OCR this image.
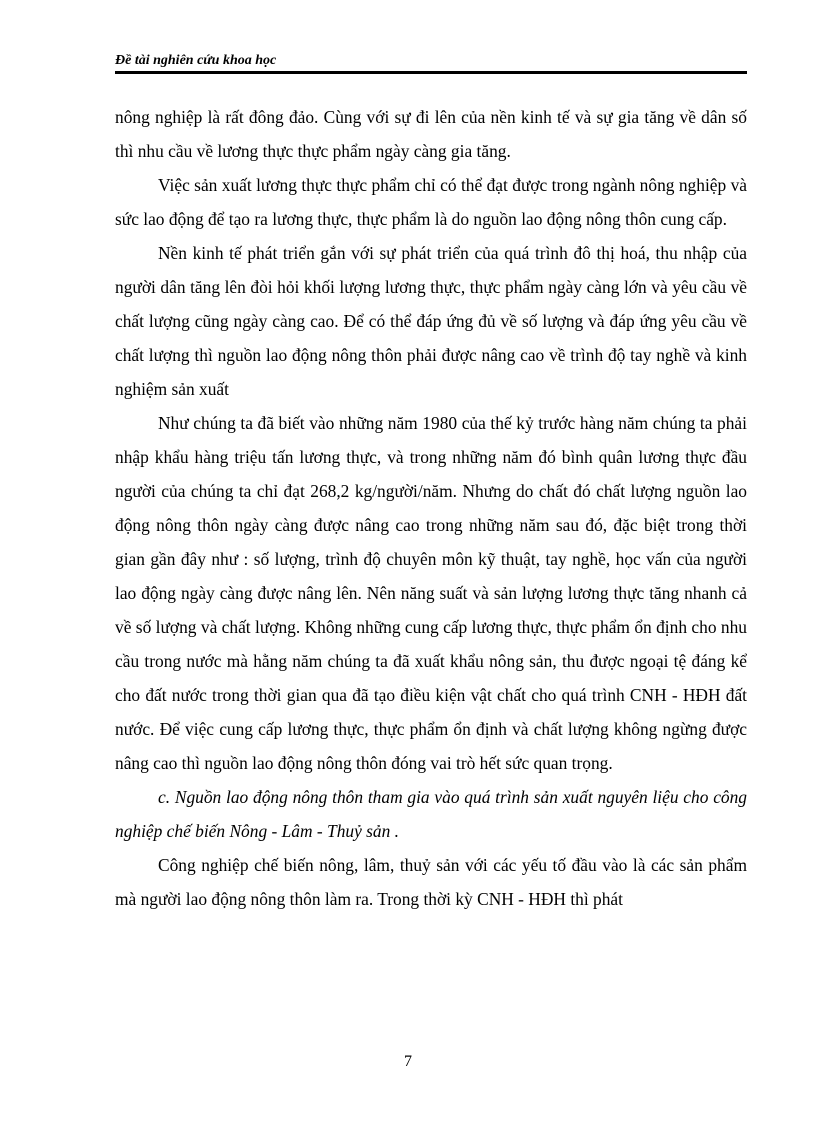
Đề tài nghiên cứu khoa học

nông nghiệp là rất đông đảo. Cùng với sự đi lên của nền kinh tế và sự gia tăng về dân số thì nhu cầu về lương thực thực phẩm ngày càng gia tăng.

Việc sản xuất lương thực thực phẩm chỉ có thể đạt được trong ngành nông nghiệp và sức lao động để tạo ra lương thực, thực phẩm là do nguồn lao động nông thôn cung cấp.

Nền kinh tế phát triển gắn với sự phát triển của quá trình đô thị hoá, thu nhập của người dân tăng lên đòi hỏi khối lượng lương thực, thực phẩm ngày càng lớn và yêu cầu về chất lượng cũng ngày càng cao. Để có thể đáp ứng đủ về số lượng và đáp ứng yêu cầu về chất lượng thì nguồn lao động nông thôn phải được nâng cao về trình độ tay nghề và kinh nghiệm sản xuất

Như chúng ta đã biết vào những năm 1980 của thế kỷ trước hàng năm chúng ta phải nhập khẩu hàng triệu tấn lương thực, và trong những năm đó bình quân lương thực đầu người của chúng ta chỉ đạt 268,2 kg/người/năm. Nhưng do chất đó chất lượng nguồn lao động nông thôn ngày càng được nâng cao trong những năm sau đó, đặc biệt trong thời gian gần đây như : số lượng, trình độ chuyên môn kỹ thuật, tay nghề, học vấn của người lao động ngày càng được nâng lên. Nên năng suất và sản lượng lương thực tăng nhanh cả về số lượng và chất lượng. Không những cung cấp lương thực, thực phẩm ổn định cho nhu cầu trong nước mà hằng năm chúng ta đã xuất khẩu nông sản, thu được ngoại tệ đáng kể cho đất nước trong thời gian qua đã tạo điều kiện vật chất cho quá trình CNH - HĐH đất nước. Để việc cung cấp lương thực, thực phẩm ổn định và chất lượng không ngừng được nâng cao thì nguồn lao động nông thôn đóng vai trò hết sức quan trọng.

c. Nguồn lao động nông thôn tham gia vào quá trình sản xuất nguyên liệu cho công nghiệp chế biến Nông - Lâm - Thuỷ sản .

Công nghiệp chế biến nông, lâm, thuỷ sản với các yếu tố đầu vào là các sản phẩm mà người lao động nông thôn làm ra. Trong thời kỳ CNH - HĐH thì phát

7
